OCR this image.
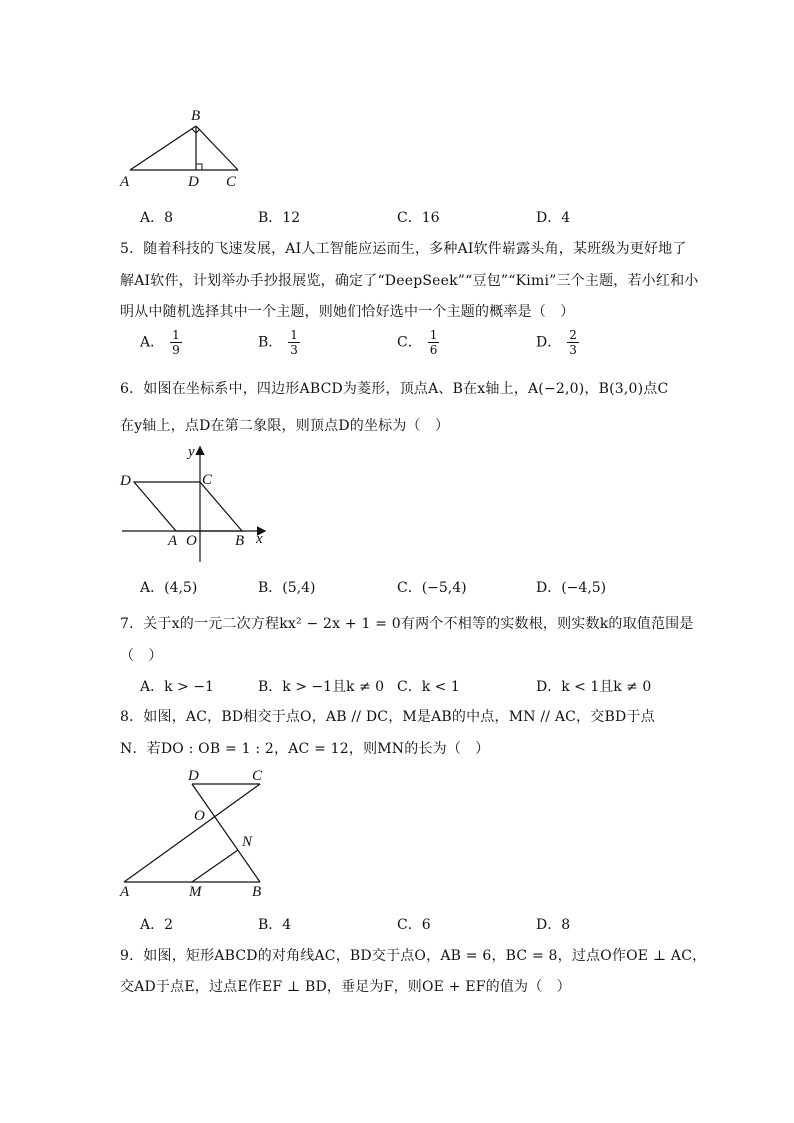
B
A	D C
A．8	B．12	C．16	D．4
5．随着科技的飞速发展，AI人工智能应运而生，多种AI软件崭露头角，某班级为更好地了
解AI软件，计划举办手抄报展览，确定了“DeepSeek”“豆包”“Kimi”三个主题，若小红和小
明从中随机选择其中一个主题，则她们恰好选中一个主题的概率是（　）
A． $\frac{1}{9}$	B． $\frac{1}{3}$	C． $\frac{1}{6}$	D． $\frac{2}{3}$
6．如图在坐标系中，四边形ABCD为菱形，顶点A、B在x轴上，A(−2,0)，B(3,0)点C
在y轴上，点D在第二象限，则顶点D的坐标为（　）
y
D	C
A O	B x
A．(4,5)	B．(5,4)	C．(−5,4)	D．(−4,5)
7．关于x的一元二次方程kx² − 2x + 1 = 0有两个不相等的实数根，则实数k的取值范围是
（　）
A．k > −1	B．k > −1且k ≠ 0 C．k < 1	D．k < 1且k ≠ 0
8．如图，AC，BD相交于点O，AB // DC，M是AB的中点，MN // AC，交BD于点
N．若DO : OB = 1 : 2，AC = 12，则MN的长为（　）
D	C
O
N
A	M	B
A．2	B．4	C．6	D．8
9．如图，矩形ABCD的对角线AC，BD交于点O，AB = 6，BC = 8，过点O作OE ⊥ AC，
交AD于点E，过点E作EF ⊥ BD，垂足为F，则OE + EF的值为（　）
